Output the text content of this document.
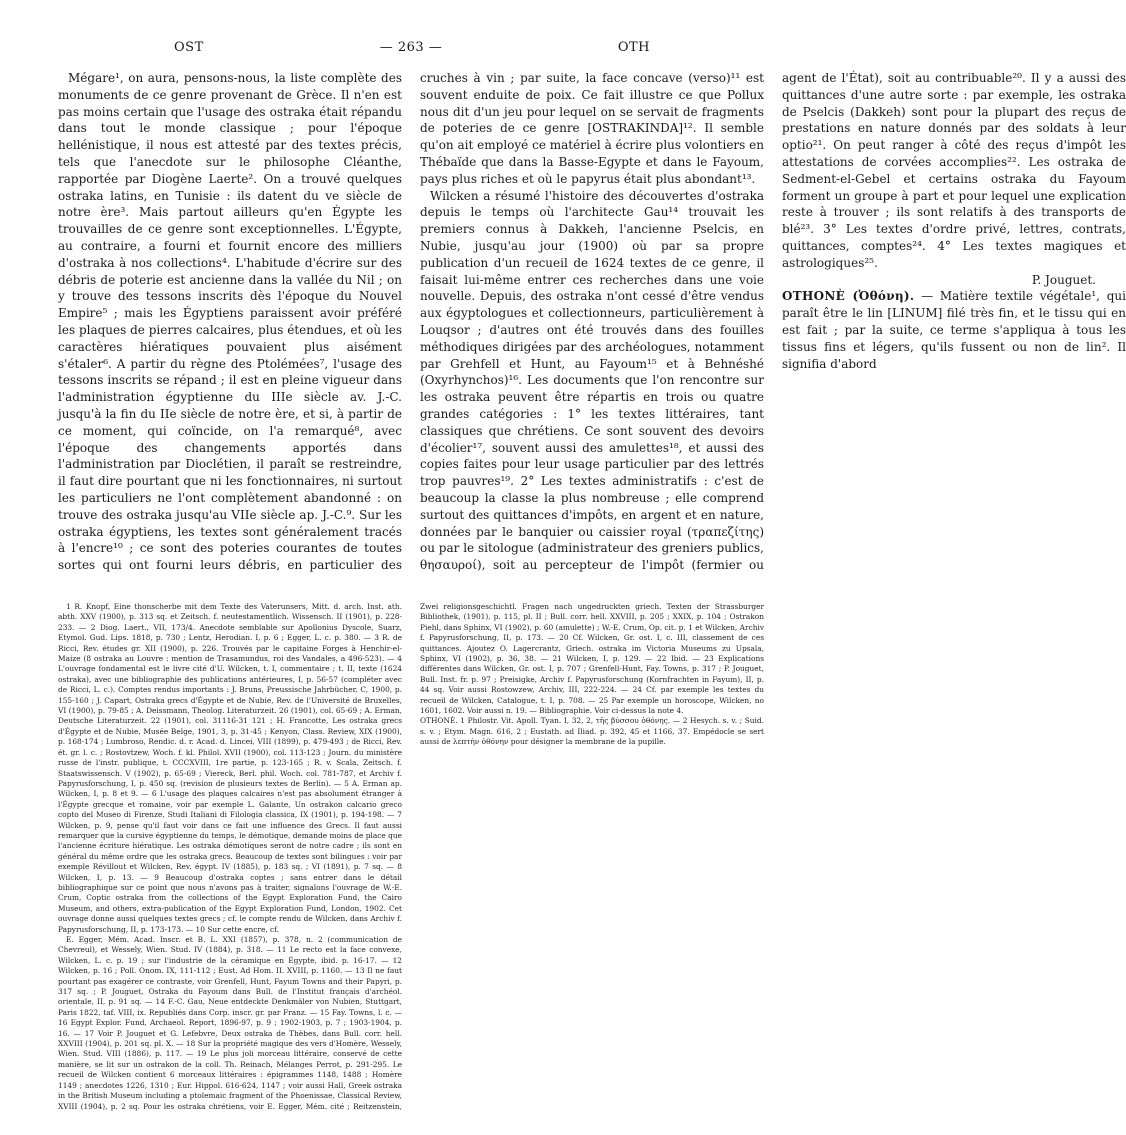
OST	— 263 —	OTH

Mégare¹, on aura, pensons-nous, la liste complète des monuments de ce genre provenant de Grèce. Il n'en est pas moins certain que l'usage des ostraka était répandu dans tout le monde classique ; pour l'époque hellénistique, il nous est attesté par des textes précis, tels que l'anecdote sur le philosophe Cléanthe, rapportée par Diogène Laerte². On a trouvé quelques ostraka latins, en Tunisie : ils datent du ve siècle de notre ère³. Mais partout ailleurs qu'en Égypte les trouvailles de ce genre sont exceptionnelles. L'Égypte, au contraire, a fourni et fournit encore des milliers d'ostraka à nos collections⁴. L'habitude d'écrire sur des débris de poterie est ancienne dans la vallée du Nil ; on y trouve des tessons inscrits dès l'époque du Nouvel Empire⁵ ; mais les Égyptiens paraissent avoir préféré les plaques de pierres calcaires, plus étendues, et où les caractères hiératiques pouvaient plus aisément s'étaler⁶. A partir du règne des Ptolémées⁷, l'usage des tessons inscrits se répand ; il est en pleine vigueur dans l'administration égyptienne du IIIe siècle av. J.-C. jusqu'à la fin du IIe siècle de notre ère, et si, à partir de ce moment, qui coïncide, on l'a remarqué⁸, avec l'époque des changements apportés dans l'administration par Dioclétien, il paraît se restreindre, il faut dire pourtant que ni les fonctionnaires, ni surtout les particuliers ne l'ont complètement abandonné : on trouve des ostraka jusqu'au VIIe siècle ap. J.-C.⁹. Sur les ostraka égyptiens, les textes sont généralement tracés à l'encre¹⁰ ; ce sont des poteries courantes de toutes sortes qui ont fourni leurs débris, en particulier des cruches à vin ; par suite, la face concave (verso)¹¹ est souvent enduite de poix. Ce fait illustre ce que Pollux nous dit d'un jeu pour lequel on se servait de fragments de poteries de ce genre [OSTRAKINDA]¹². Il semble qu'on ait employé ce matériel à écrire plus volontiers en Thébaïde que dans la Basse-Egypte et dans le Fayoum, pays plus riches et où le papyrus était plus abondant¹³.

Wilcken a résumé l'histoire des découvertes d'ostraka depuis le temps où l'architecte Gau¹⁴ trouvait les premiers connus à Dakkeh, l'ancienne Pselcis, en Nubie, jusqu'au jour (1900) où par sa propre publication d'un recueil de 1624 textes de ce genre, il faisait lui-même entrer ces recherches dans une voie nouvelle. Depuis, des ostraka n'ont cessé d'être vendus aux égyptologues et collectionneurs, particulièrement à Louqsor ; d'autres ont été trouvés dans des fouilles méthodiques dirigées par des archéologues, notamment par Grehfell et Hunt, au Fayoum¹⁵ et à Behnéshé (Oxyrhynchos)¹⁶. Les documents que l'on rencontre sur les ostraka peuvent être répartis en trois ou quatre grandes catégories : 1° les textes littéraires, tant classiques que chrétiens. Ce sont souvent des devoirs d'écolier¹⁷, souvent aussi des amulettes¹⁸, et aussi des copies faites pour leur usage particulier par des lettrés trop pauvres¹⁹. 2° Les textes administratifs : c'est de beaucoup la classe la plus nombreuse ; elle comprend surtout des quittances d'impôts, en argent et en nature, données par le banquier ou caissier royal (τραπεζίτης) ou par le sitologue (administrateur des greniers publics, θησαυροί), soit au percepteur de l'impôt (fermier ou agent de l'État), soit au contribuable²⁰. Il y a aussi des quittances d'une autre sorte : par exemple, les ostraka de Pselcis (Dakkeh) sont pour la plupart des reçus de prestations en nature donnés par des soldats à leur optio²¹. On peut ranger à côté des reçus d'impôt les attestations de corvées accomplies²². Les ostraka de Sedment-el-Gebel et certains ostraka du Fayoum forment un groupe à part et pour lequel une explication reste à trouver ; ils sont relatifs à des transports de blé²³. 3° Les textes d'ordre privé, lettres, contrats, quittances, comptes²⁴. 4° Les textes magiques et astrologiques²⁵.

P. Jouguet.

OTHONÈ (Ὀθόνη). — Matière textile végétale¹, qui paraît être le lin [LINUM] filé très fin, et le tissu qui en est fait ; par la suite, ce terme s'appliqua à tous les tissus fins et légers, qu'ils fussent ou non de lin². Il signifia d'abord

1 R. Knopf, Eine thonscherbe mit dem Texte des Vaterunsers, Mitt. d. arch. Inst. ath. abth. XXV (1900), p. 313 sq. et Zeitsch. f. neutestamentlich. Wissensch. II (1901), p. 228-233. — 2 Diog. Laert., VII, 173/4. Anecdote semblable sur Apollonius Dyscole, Suarz, Etymol. Gud. Lips. 1818, p. 730 ; Lentz, Herodian. I, p. 6 ; Egger, L. c. p. 380. — 3 R. de Ricci, Rev. études gr. XII (1900), p. 226. Trouvés par le capitaine Forges à Henchir-el-Maize (8 ostraka au Louvre : mention de Trasamundus, roi des Vandales, a 496-523). — 4 L'ouvrage fondamental est le livre cité d'U. Wilcken, t. I, commentaire ; t. II, texte (1624 ostraka), avec une bibliographie des publications antérieures, I, p. 56-57 (compléter avec de Ricci, L. c.). Comptes rendus importants : J. Bruns, Preussische Jahrbücher, C, 1900, p. 155-160 ; J. Capart, Ostraka grecs d'Égypte et de Nubie, Rev. de l'Université de Bruxelles, VI (1900), p. 79-85 ; A. Deissmann, Theolog. Literaturzeit. 26 (1901), col. 65-69 ; A. Erman, Deutsche Literaturzeit. 22 (1901), col. 31116-31 121 ; H. Francotte, Les ostraka grecs d'Égypte et de Nubie, Musée Belge, 1901, 3, p. 31-45 ; Kenyon, Class. Review, XIX (1900), p. 168-174 ; Lumbroso, Rendic. d. r. Acad. d. Lincei, VIII (1899), p. 479-493 ; de Ricci, Rev. ét. gr. l. c. ; Rostovtzew, Woch. f. kl. Philol. XVII (1900), col. 113-123 ; Journ. du ministère russe de l'instr. publique, t. CCCXVIII, 1re partie, p. 123-165 ; R. v. Scala, Zeitsch. f. Staatswissensch. V (1902), p. 65-69 ; Viereck, Berl. phil. Woch. col. 781-787, et Archiv f. Papyrusforschung, I, p. 450 sq. (revision de plusieurs textes de Berlin). — 5 A. Erman ap. Wilcken, I, p. 8 et 9. — 6 L'usage des plaques calcaires n'est pas absolument étranger à l'Égypte grecque et romaine, voir par exemple L. Galante, Un ostrakon calcario greco copto del Museo di Firenze, Studi Italiani di Filologia classica, IX (1901), p. 194-198. — 7 Wilcken, p. 9, pense qu'il faut voir dans ce fait une influence des Grecs. Il faut aussi remarquer que la cursive égyptienne du temps, le démotique, demande moins de place que l'ancienne écriture hiératique. Les ostraka démotiques seront de notre cadre ; ils sont en général du même ordre que les ostraka grecs. Beaucoup de textes sont bilingues : voir par exemple Révillout et Wilcken, Rev. égypt. IV (1885), p. 183 sq. ; VI (1891), p. 7 sq. — 8 Wilcken, I, p. 13. — 9 Beaucoup d'ostraka coptes ; sans entrer dans le détail bibliographique sur ce point que nous n'avons pas à traiter, signalons l'ouvrage de W.-E. Crum, Coptic ostraka from the collections of the Egypt Exploration Fund, the Cairo Museum, and others, extra-publication of the Egypt Exploration Fund, London, 1902. Cet ouvrage donne aussi quelques textes grecs ; cf. le compte rendu de Wilcken, dans Archiv f. Papyrusforschung, II, p. 173-173. — 10 Sur cette encre, cf.

E. Egger, Mém. Acad. Inscr. et B. L. XXI (1857), p. 378, n. 2 (communication de Chevreul), et Wessely, Wien. Stud. IV (1884), p. 318. — 11 Le recto est la face convexe, Wilcken, L. c. p. 19 ; sur l'industrie de la céramique en Égypte, ibid. p. 16-17. — 12 Wilcken, p. 16 ; Poll. Onom. IX, 111-112 ; Eust. Ad Hom. II. XVIII, p. 1160. — 13 Il ne faut pourtant pas exagérer ce contraste, voir Grenfell, Hunt, Fayum Towns and their Papyri, p. 317 sq. ; P. Jouguet, Ostraka du Fayoum dans Bull. de l'Institut français d'archéol. orientale, II, p. 91 sq. — 14 F.-C. Gau, Neue entdeckte Denkmäler von Nubien, Stuttgart, Paris 1822, taf. VIII, ix. Republiés dans Corp. inscr. gr. par Franz. — 15 Fay. Towns, l. c. — 16 Egypt Explor. Fund, Archaeol. Report, 1896-97, p. 9 ; 1902-1903, p. 7 ; 1903-1904, p. 16. — 17 Voir P. Jouguet et G. Lefebvre, Deux ostraka de Thèbes, dans Bull. corr. hell. XXVIII (1904), p. 201 sq. pl. X. — 18 Sur la propriété magique des vers d'Homère, Wessely, Wien. Stud. VIII (1886), p. 117. — 19 Le plus joli morceau littéraire, conservé de cette manière, se lit sur un ostrakon de la coll. Th. Reinach, Mélanges Perrot, p. 291-295. Le recueil de Wilcken contient 6 morceaux littéraires : épigrammes 1148, 1488 ; Homère 1149 ; anecdotes 1226, 1310 ; Eur. Hippol. 616-624, 1147 ; voir aussi Hall, Greek ostraka in the British Museum including a ptolemaic fragment of the Phoenissae, Classical Review, XVIII (1904), p. 2 sq. Pour les ostraka chrétiens, voir E. Egger, Mém. cité ; Reitzenstein, Zwei religionsgeschichtl. Fragen nach ungedruckten griech. Texten der Strassburger Bibliothek, (1901), p. 115, pl. II ; Bull. corr. hell. XXVIII, p. 205 ; XXIX, p. 104 ; Ostrakon Piehl, dans Sphinx, VI (1902), p. 60 (amulette) ; W.-E. Crum, Op. cit. p. 1 et Wilcken, Archiv f. Papyrusforschung, II, p. 173. — 20 Cf. Wilcken, Gr. ost. I, c. III, classement de ces quittances. Ajoutez O. Lagercrantz, Griech. ostraka im Victoria Museums zu Upsala, Sphinx, VI (1902), p. 36, 38. — 21 Wilcken, I, p. 129. — 22 Ibid. — 23 Explications différentes dans Wilcken, Gr. ost. I, p. 707 ; Grenfell-Hunt, Fay. Towns, p. 317 ; P. Jouguet, Bull. Inst. fr. p. 97 ; Preisigke, Archiv f. Papyrusforschung (Kornfrachten in Fayum), II, p. 44 sq. Voir aussi Rostowzew, Archiv, III, 222-224. — 24 Cf. par exemple les textes du recueil de Wilcken, Catalogue, t. I, p. 708. — 25 Par exemple un horoscope, Wilcken, no 1601, 1602. Voir aussi n. 19. — Bibliographie. Voir ci-dessus la note 4.

OTHONÈ. 1 Philostr. Vit. Apoll. Tyan. I, 32, 2, τῆς βύσσου ὀθόνης. — 2 Hesych. s. v. ; Suid. s. v. ; Etym. Magn. 616, 2 ; Eustath. ad Iliad. p. 392, 45 et 1166, 37. Empédocle se sert aussi de λεπτὴν ὀθόνην pour désigner la membrane de la pupille.
